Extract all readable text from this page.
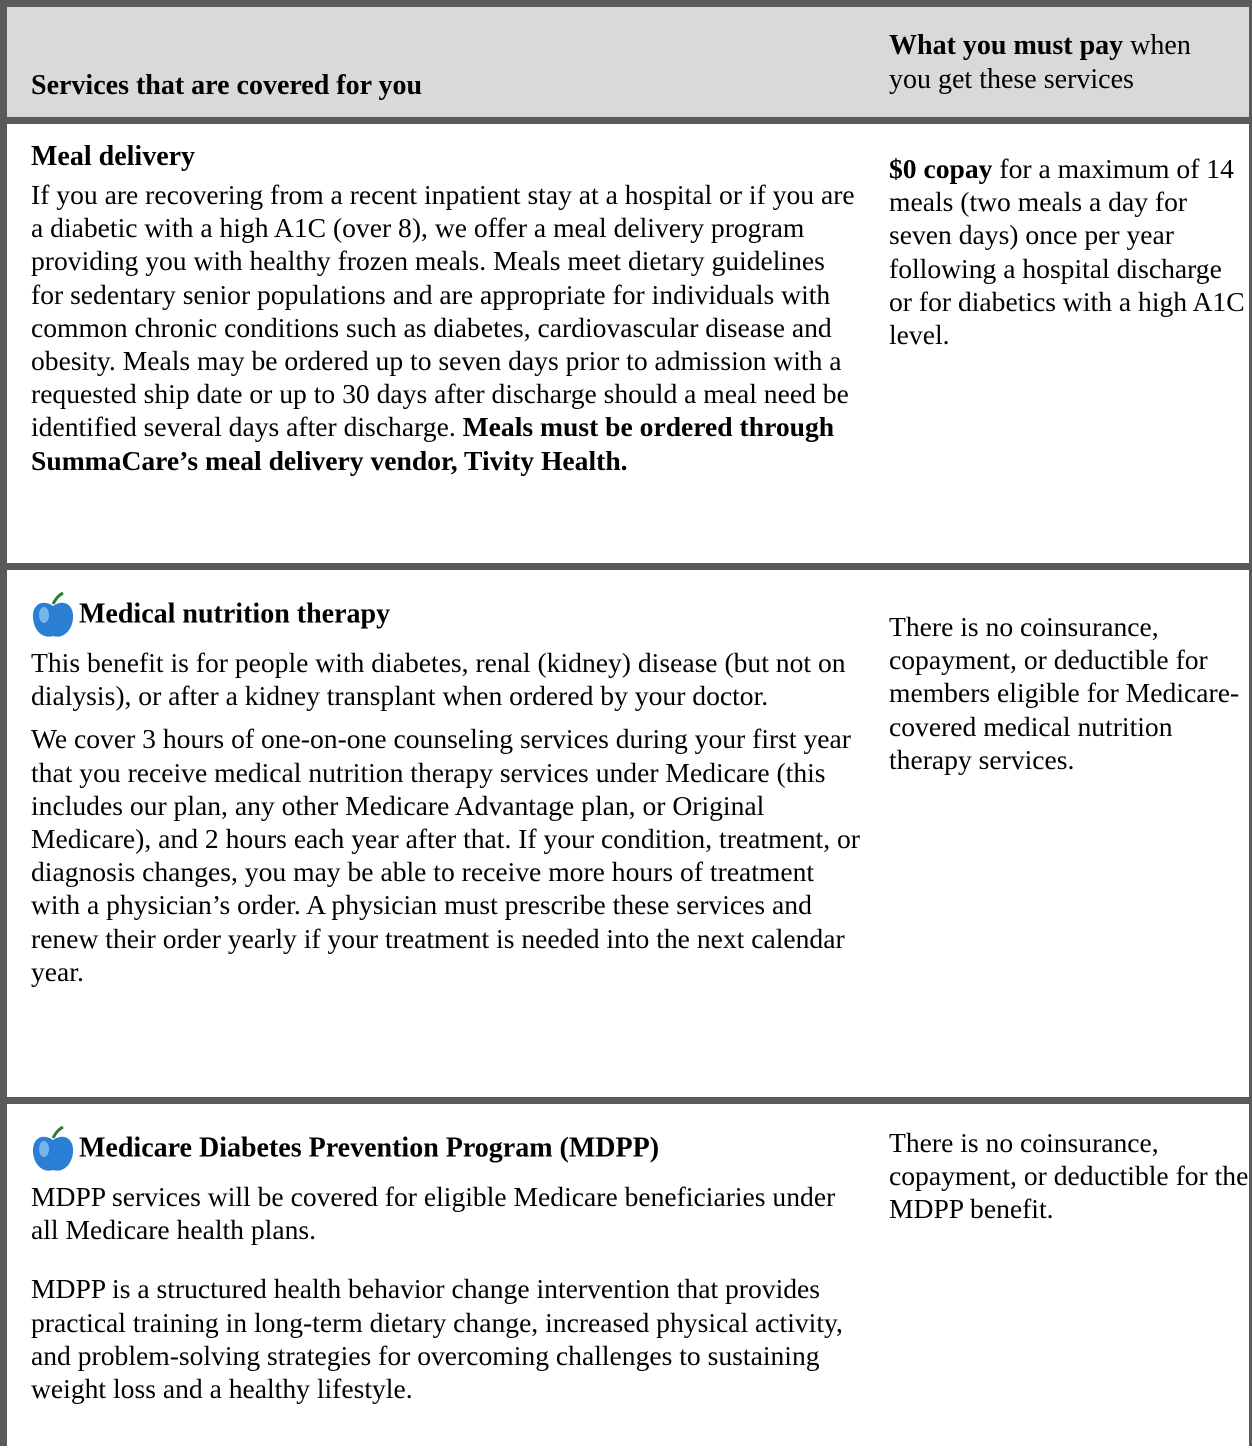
Services that are covered for you
What you must pay when
you get these services
Meal delivery

If you are recovering from a recent inpatient stay at a hospital or if you are a diabetic with a high A1C (over 8), we offer a meal delivery program providing you with healthy frozen meals. Meals meet dietary guidelines for sedentary senior populations and are appropriate for individuals with common chronic conditions such as diabetes, cardiovascular disease and obesity. Meals may be ordered up to seven days prior to admission with a requested ship date or up to 30 days after discharge should a meal need be identified several days after discharge. Meals must be ordered through SummaCare’s meal delivery vendor, Tivity Health.

$0 copay for a maximum of 14 meals (two meals a day for seven days) once per year following a hospital discharge or for diabetics with a high A1C level.

Medical nutrition therapy

This benefit is for people with diabetes, renal (kidney) disease (but not on dialysis), or after a kidney transplant when ordered by your doctor.

We cover 3 hours of one-on-one counseling services during your first year that you receive medical nutrition therapy services under Medicare (this includes our plan, any other Medicare Advantage plan, or Original Medicare), and 2 hours each year after that. If your condition, treatment, or diagnosis changes, you may be able to receive more hours of treatment with a physician’s order. A physician must prescribe these services and renew their order yearly if your treatment is needed into the next calendar year.

There is no coinsurance, copayment, or deductible for members eligible for Medicare-covered medical nutrition therapy services.

Medicare Diabetes Prevention Program (MDPP)

MDPP services will be covered for eligible Medicare beneficiaries under all Medicare health plans.

MDPP is a structured health behavior change intervention that provides practical training in long-term dietary change, increased physical activity, and problem-solving strategies for overcoming challenges to sustaining weight loss and a healthy lifestyle.

There is no coinsurance, copayment, or deductible for the MDPP benefit.
